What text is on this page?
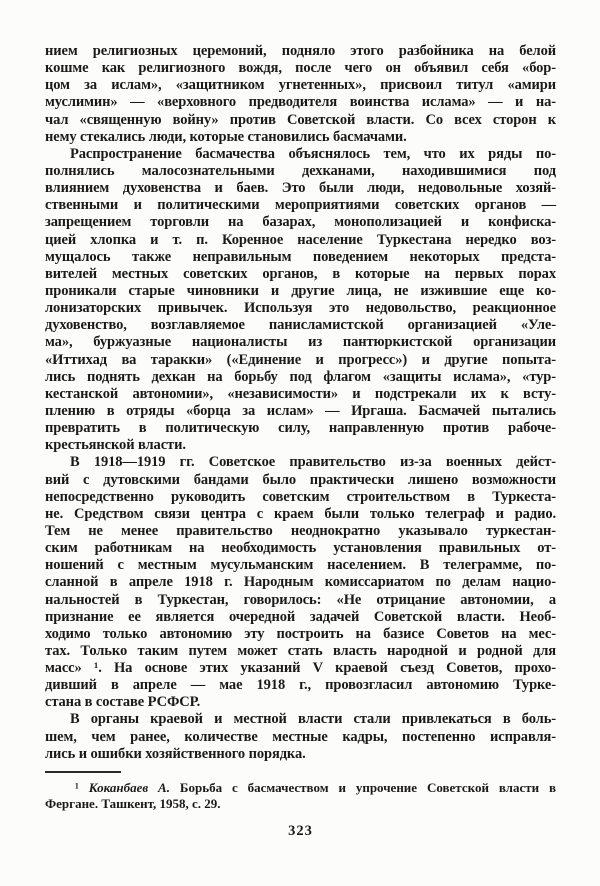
нием религиозных церемоний, подняло этого разбойника на белой
кошме как религиозного вождя, после чего он объявил себя «бор-
цом за ислам», «защитником угнетенных», присвоил титул «амири
муслимин» — «верховного предводителя воинства ислама» — и на-
чал «священную войну» против Советской власти. Со всех сторон к
нему стекались люди, которые становились басмачами.
Распространение басмачества объяснялось тем, что их ряды по-
полнялись малосознательными дехканами, находившимися под
влиянием духовенства и баев. Это были люди, недовольные хозяй-
ственными и политическими мероприятиями советских органов —
запрещением торговли на базарах, монополизацией и конфиска-
цией хлопка и т. п. Коренное население Туркестана нередко воз-
мущалось также неправильным поведением некоторых предста-
вителей местных советских органов, в которые на первых порах
проникали старые чиновники и другие лица, не изжившие еще ко-
лонизаторских привычек. Используя это недовольство, реакционное
духовенство, возглавляемое панисламистской организацией «Уле-
ма», буржуазные националисты из пантюркистской организации
«Иттихад ва таракки» («Единение и прогресс») и другие попыта-
лись поднять дехкан на борьбу под флагом «защиты ислама», «тур-
кестанской автономии», «независимости» и подстрекали их к всту-
плению в отряды «борца за ислам» — Иргаша. Басмачей пытались
превратить в политическую силу, направленную против рабоче-
крестьянской власти.
В 1918—1919 гг. Советское правительство из-за военных дейст-
вий с дутовскими бандами было практически лишено возможности
непосредственно руководить советским строительством в Туркеста-
не. Средством связи центра с краем были только телеграф и радио.
Тем не менее правительство неоднократно указывало туркестан-
ским работникам на необходимость установления правильных от-
ношений с местным мусульманским населением. В телеграмме, по-
сланной в апреле 1918 г. Народным комиссариатом по делам нацио-
нальностей в Туркестан, говорилось: «Не отрицание автономии, а
признание ее является очередной задачей Советской власти. Необ-
ходимо только автономию эту построить на базисе Советов на мес-
тах. Только таким путем может стать власть народной и родной для
масс» ¹. На основе этих указаний V краевой съезд Советов, прохо-
дивший в апреле — мае 1918 г., провозгласил автономию Турке-
стана в составе РСФСР.
В органы краевой и местной власти стали привлекаться в боль-
шем, чем ранее, количестве местные кадры, постепенно исправля-
лись и ошибки хозяйственного порядка.
¹ Коканбаев А. Борьба с басмачеством и упрочение Советской власти в
Фергане. Ташкент, 1958, с. 29.
323
